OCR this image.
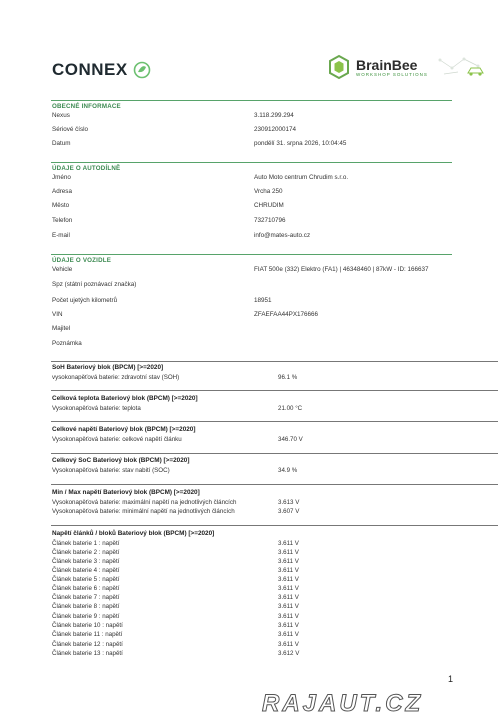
CONNEX	BrainBee
WORKSHOP SOLUTIONS
OBECNÉ INFORMACE
Nexus	3.118.299.294
Sériové číslo	230912000174
Datum	pondělí 31. srpna 2026, 10:04:45
ÚDAJE O AUTODÍLNĚ
Jméno	Auto Moto centrum Chrudim s.r.o.
Adresa	Vrcha 250
Město	CHRUDIM
Telefon	732710796
E-mail	info@mates-auto.cz
ÚDAJE O VOZIDLE
Vehicle	FIAT 500e (332) Elektro (FA1) | 46348460 | 87kW - ID: 166637
Spz (státní poznávací značka)
Počet ujetých kilometrů	18951
VIN	ZFAEFAA44PX176666
Majitel
Poznámka
SoH Bateriový blok (BPCM) [>=2020]
vysokonapěťová baterie: zdravotní stav (SOH)	96.1 %
Celková teplota Bateriový blok (BPCM) [>=2020]
Vysokonapěťová baterie: teplota	21.00 °C
Celkové napětí Bateriový blok (BPCM) [>=2020]
Vysokonapěťová baterie: celkové napětí článku	346.70 V
Celkový SoC Bateriový blok (BPCM) [>=2020]
Vysokonapěťová baterie: stav nabití (SOC)	34.9 %
Min / Max napětí Bateriový blok (BPCM) [>=2020]
Vysokonapěťová baterie: maximální napětí na jednotlivých článcích	3.613 V
Vysokonapěťová baterie: minimální napětí na jednotlivých článcích	3.607 V
Napětí článků / bloků Bateriový blok (BPCM) [>=2020]
Článek baterie 1 : napětí	3.611 V
Článek baterie 2 : napětí	3.611 V
Článek baterie 3 : napětí	3.611 V
Článek baterie 4 : napětí	3.611 V
Článek baterie 5 : napětí	3.611 V
Článek baterie 6 : napětí	3.611 V
Článek baterie 7 : napětí	3.611 V
Článek baterie 8 : napětí	3.611 V
Článek baterie 9 : napětí	3.611 V
Článek baterie 10 : napětí	3.611 V
Článek baterie 11 : napětí	3.611 V
Článek baterie 12 : napětí	3.611 V
Článek baterie 13 : napětí	3.612 V
1
RAJAUT.CZ
